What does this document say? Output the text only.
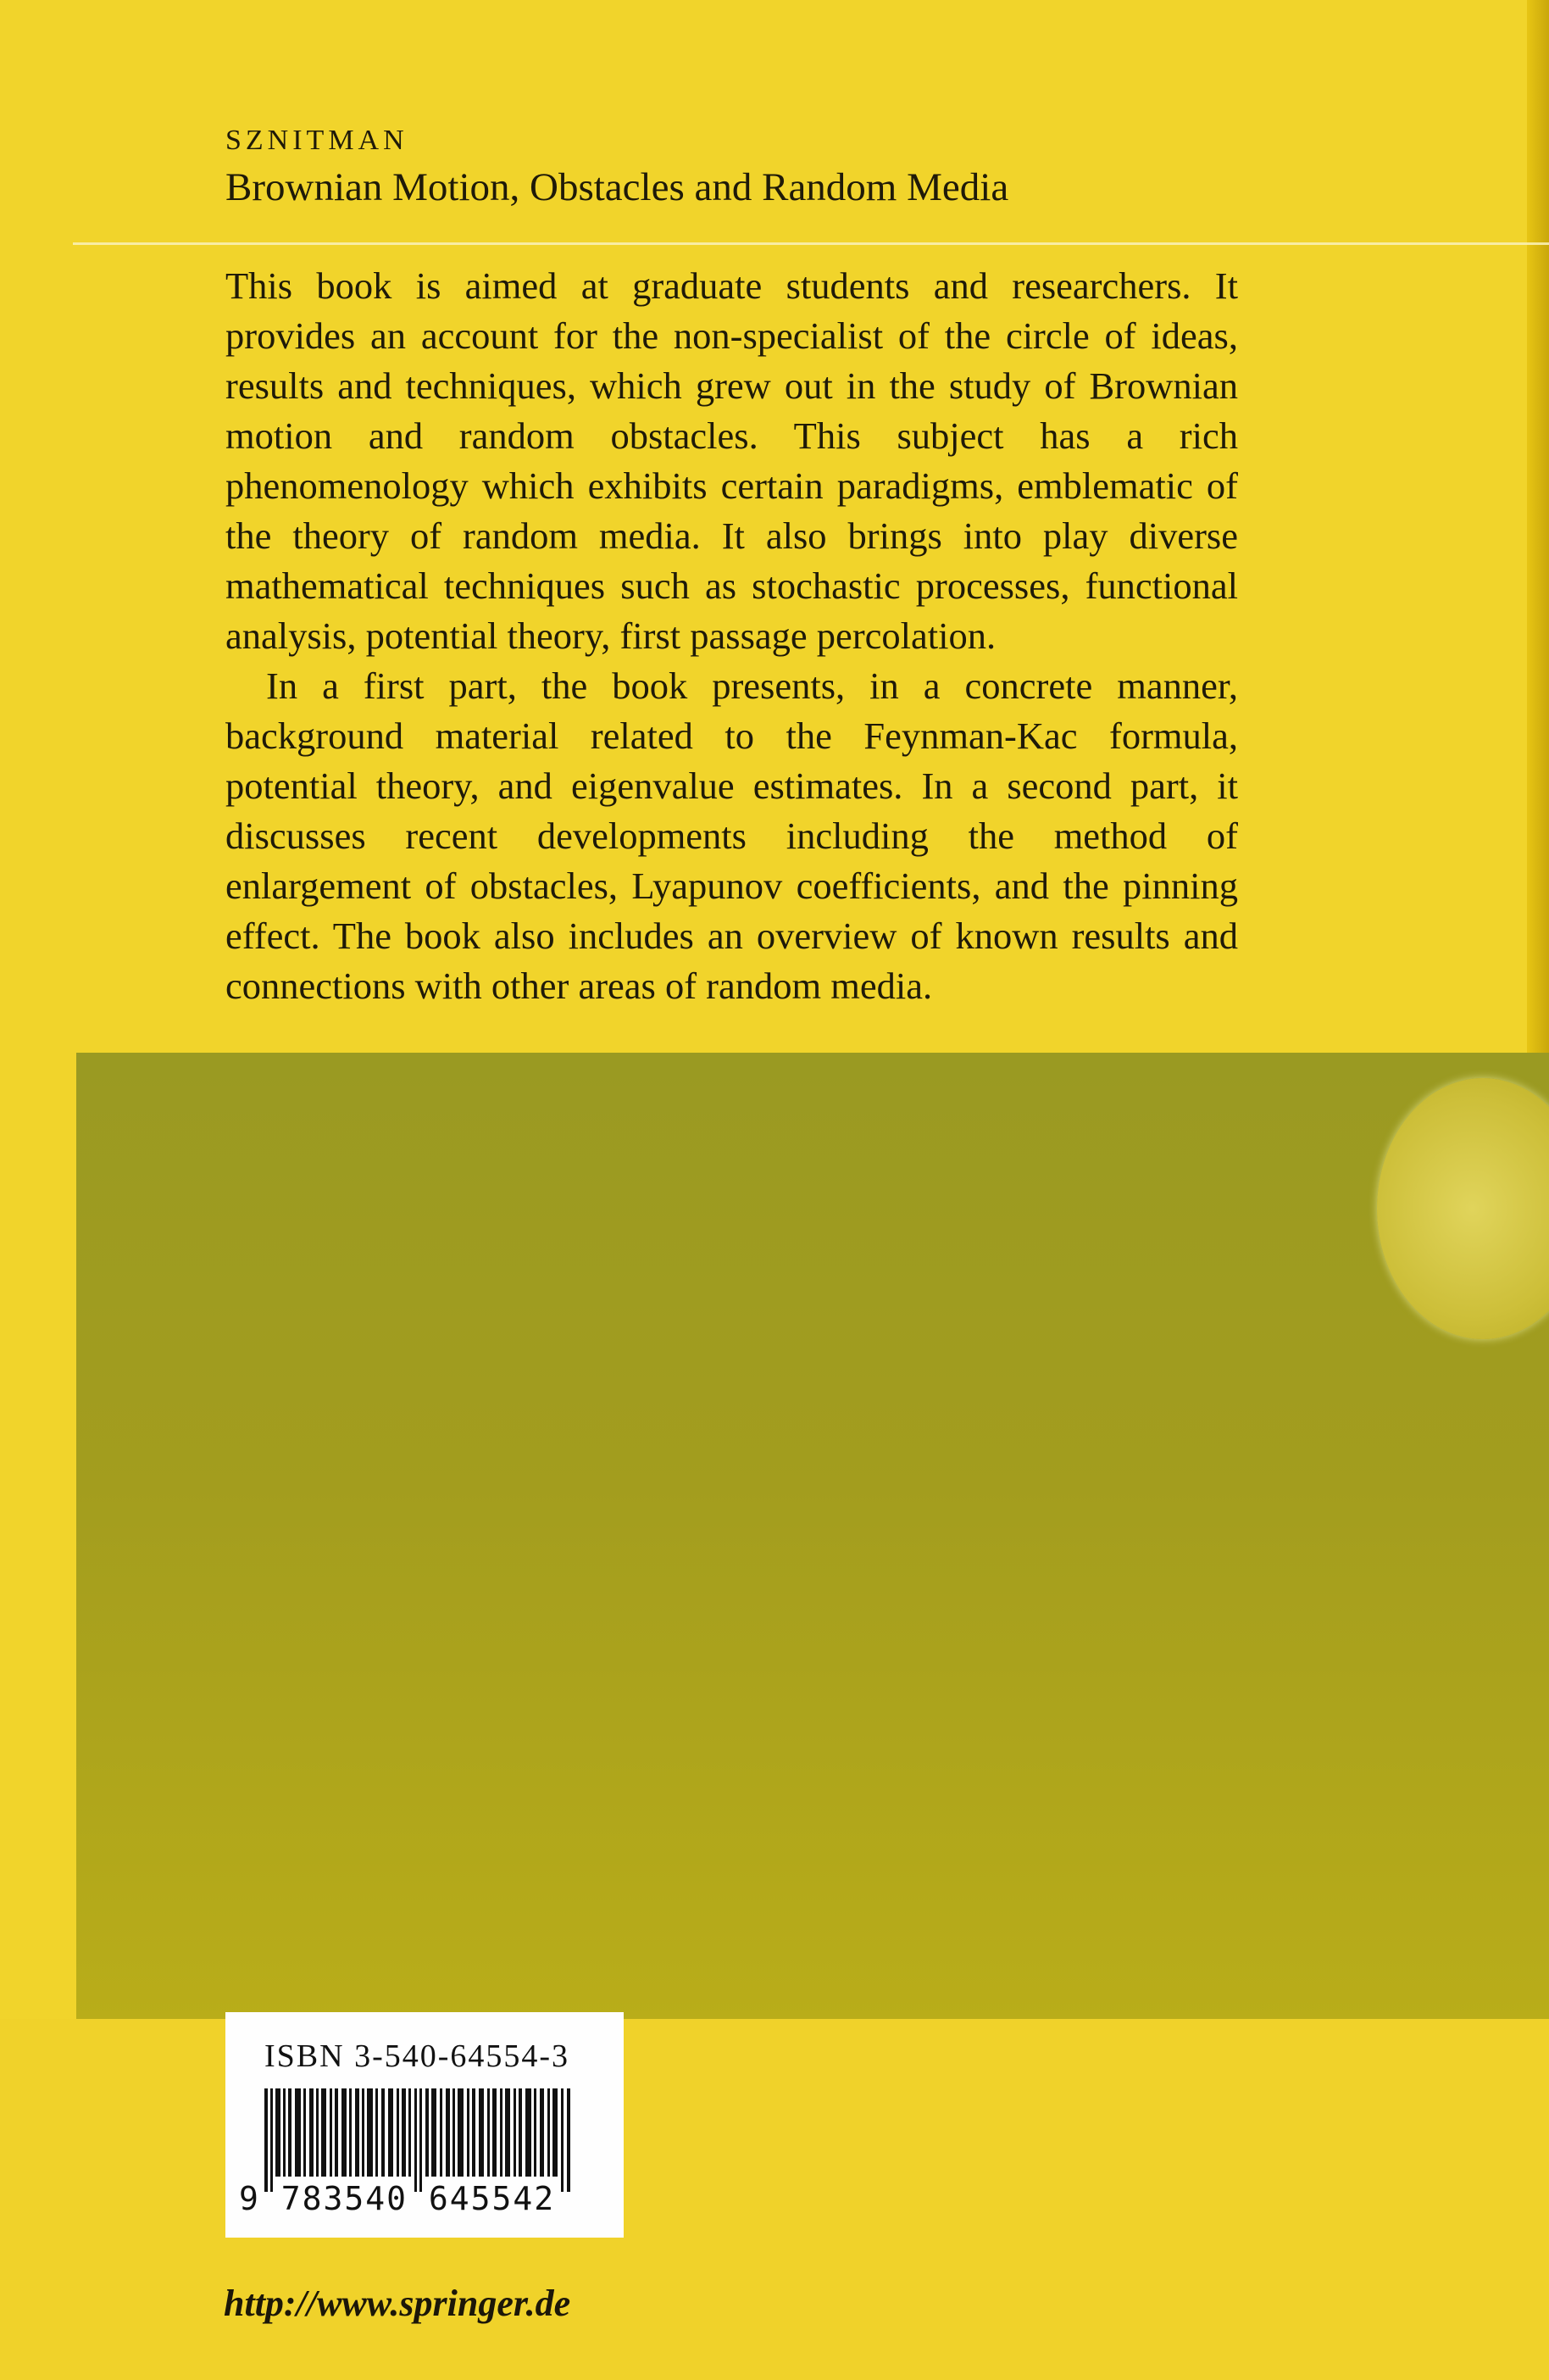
SZNITMAN
Brownian Motion, Obstacles and Random Media

This book is aimed at graduate students and researchers. It provides an account for the non-specialist of the circle of ideas, results and techniques, which grew out in the study of Brownian motion and random obstacles. This subject has a rich phenomenology which exhibits certain paradigms, emblematic of the theory of random media. It also brings into play diverse mathematical techniques such as stochastic processes, functional analysis, potential theory, first passage percolation.

In a first part, the book presents, in a concrete manner, background material related to the Feynman-Kac formula, potential theory, and eigenvalue estimates. In a second part, it discusses recent developments including the method of enlargement of obstacles, Lyapunov coefficients, and the pinning effect. The book also includes an overview of known results and connections with other areas of random media.

ISBN 3-540-64554-3
9 783540 645542
http://www.springer.de
